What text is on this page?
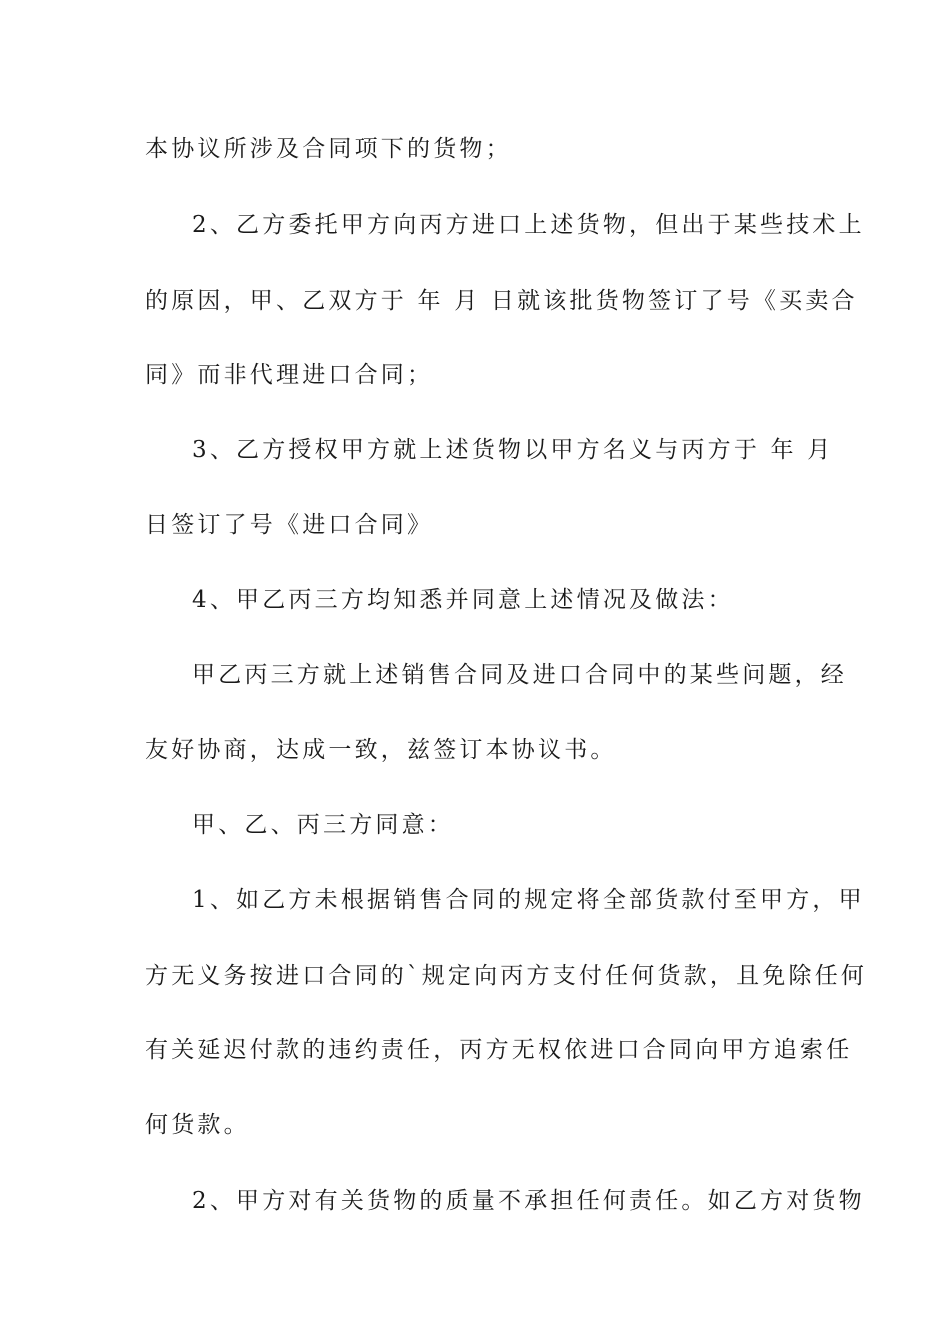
本协议所涉及合同项下的货物；
2、乙方委托甲方向丙方进口上述货物，但出于某些技术上
的原因，甲、乙双方于 年 月 日就该批货物签订了号《买卖合
同》而非代理进口合同；
3、乙方授权甲方就上述货物以甲方名义与丙方于 年 月
日签订了号《进口合同》
4、甲乙丙三方均知悉并同意上述情况及做法：
甲乙丙三方就上述销售合同及进口合同中的某些问题，经
友好协商，达成一致，兹签订本协议书。
甲、乙、丙三方同意：
1、如乙方未根据销售合同的规定将全部货款付至甲方，甲
方无义务按进口合同的`规定向丙方支付任何货款，且免除任何
有关延迟付款的违约责任，丙方无权依进口合同向甲方追索任
何货款。
2、甲方对有关货物的质量不承担任何责任。如乙方对货物
